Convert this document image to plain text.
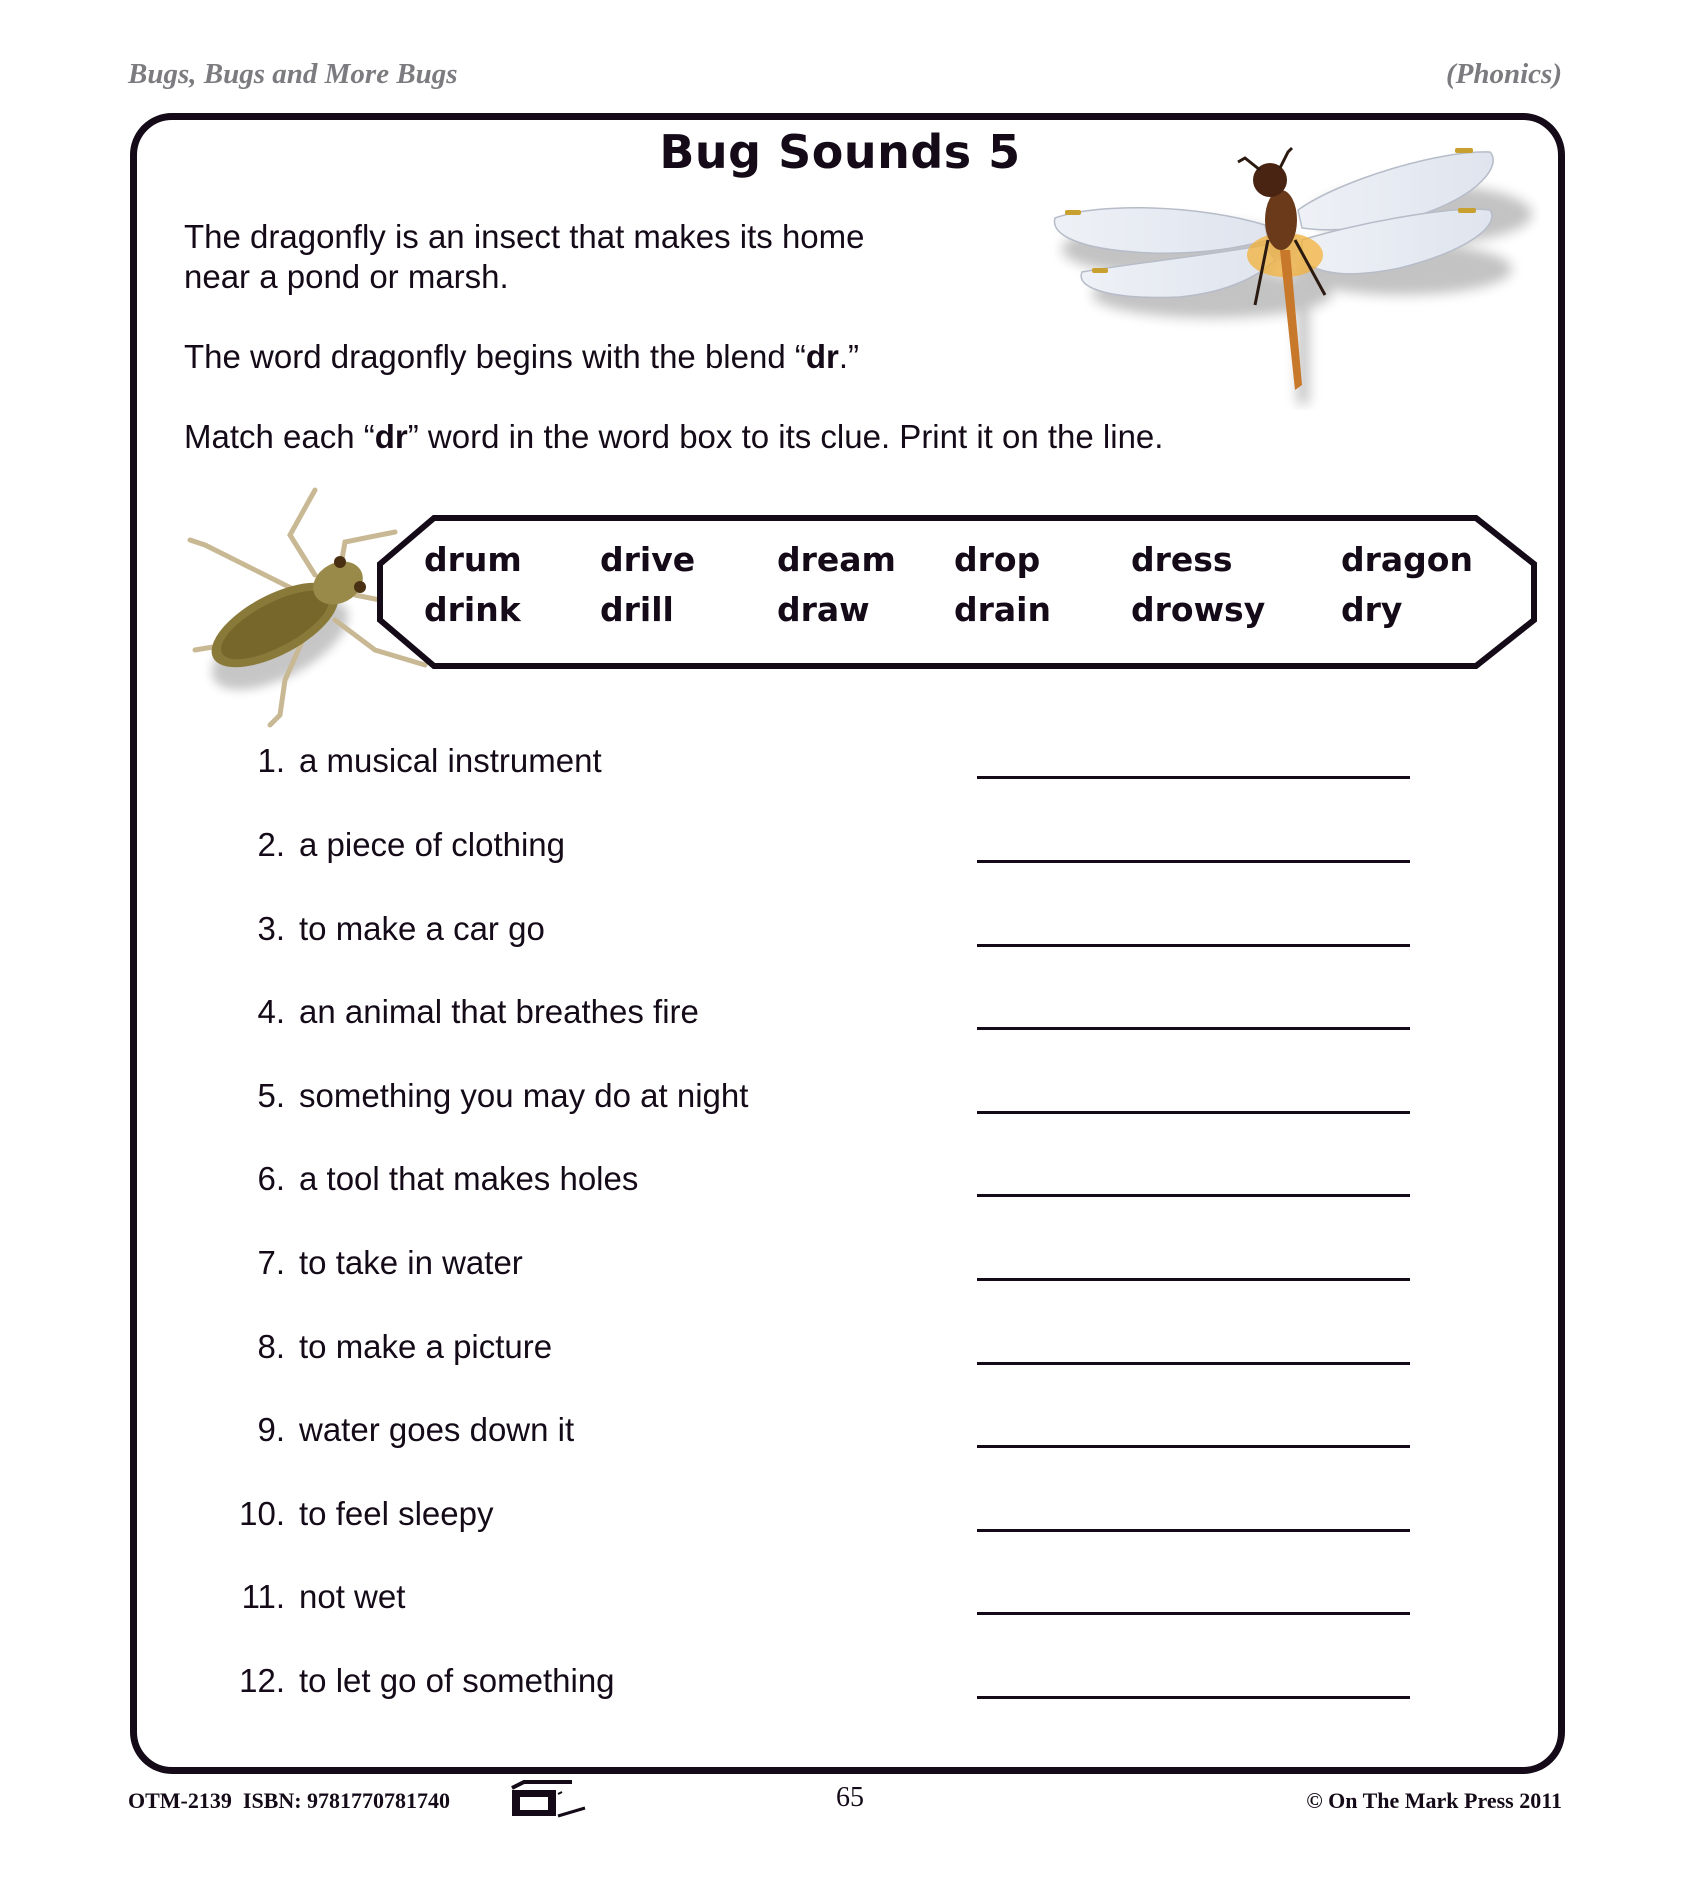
Bugs, Bugs and More Bugs	(Phonics)
Bug Sounds 5
The dragonfly is an insect that makes its home
near a pond or marsh.
The word dragonfly begins with the blend “dr.”
Match each “dr” word in the word box to its clue. Print it on the line.
drum drive dream drop	dress	dragon
drink drill	draw	drain drowsy dry
1. a musical instrument
2. a piece of clothing
3. to make a car go
4. an animal that breathes fire
5. something you may do at night
6. a tool that makes holes
7. to take in water
8. to make a picture
9. water goes down it
10. to feel sleepy
11. not wet
12. to let go of something
OTM-2139  ISBN: 9781770781740	65	© On The Mark Press 2011
